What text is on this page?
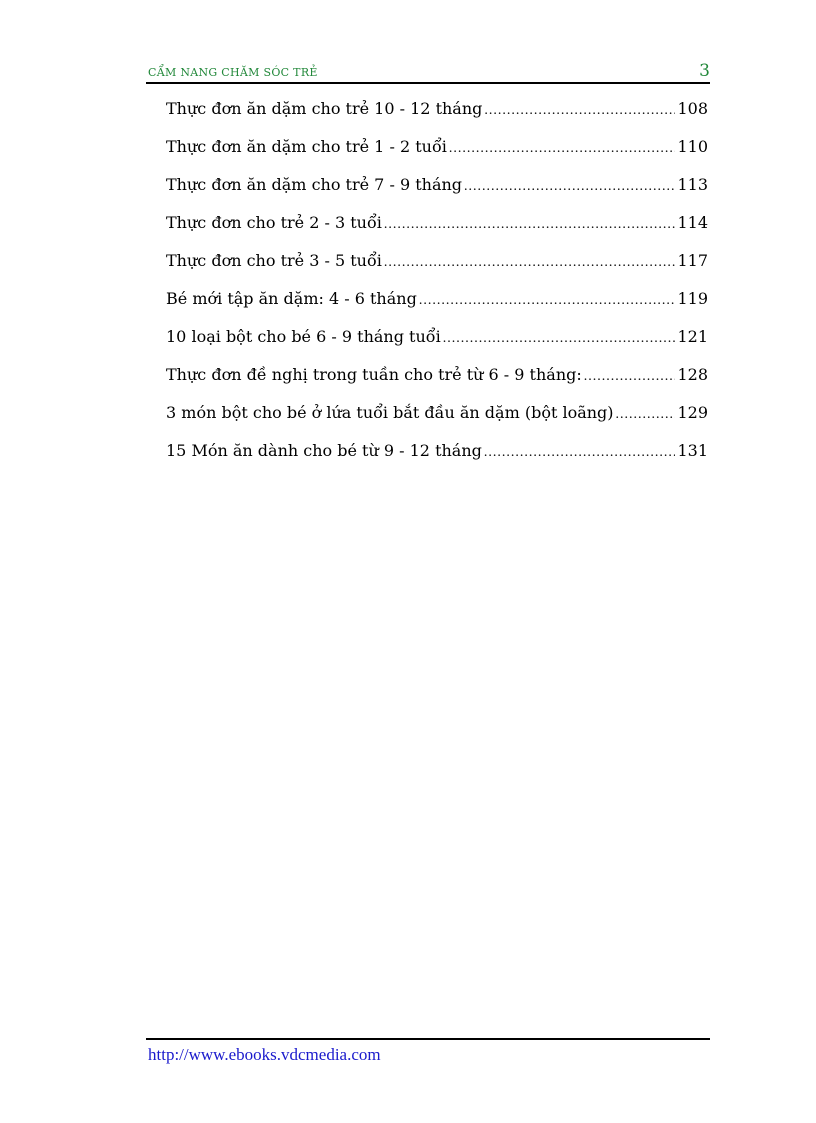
CẨM NANG CHĂM SÓC TRẺ	3
Thực đơn ăn dặm cho trẻ 10 - 12 tháng .....	108
Thực đơn ăn dặm cho trẻ 1 - 2 tuổi .....	110
Thực đơn ăn dặm cho trẻ 7 - 9 tháng .....	113
Thực đơn cho trẻ 2 - 3 tuổi .....	114
Thực đơn cho trẻ 3 - 5 tuổi .....	117
Bé mới tập ăn dặm: 4 - 6 tháng .....	119
10 loại bột cho bé 6 - 9 tháng tuổi .....	121
Thực đơn đề nghị trong tuần cho trẻ từ 6 - 9 tháng: .....	128
3 món bột cho bé ở lứa tuổi bắt đầu ăn dặm (bột loãng) .....	129
15 Món ăn dành cho bé từ 9 - 12 tháng .....	131
http://www.ebooks.vdcmedia.com
